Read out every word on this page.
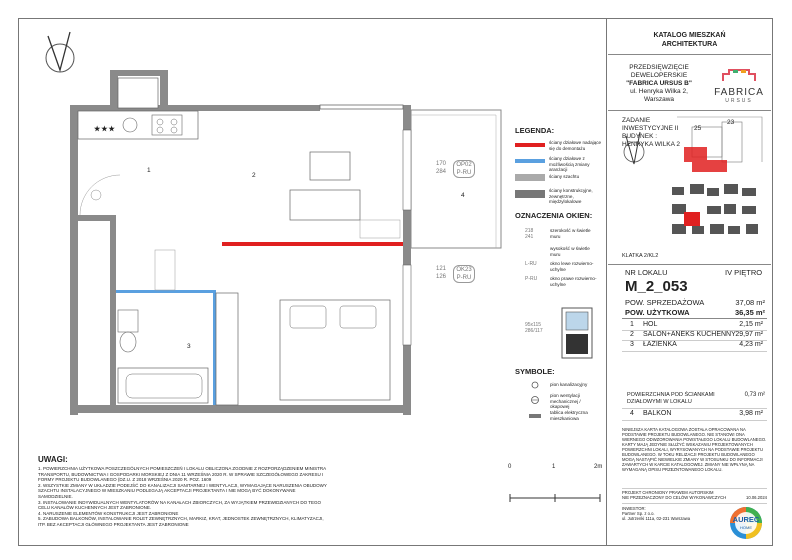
★★★
1
2
3
4
170
284
OP02
P-RU
121
126
OK23
P-RU
LEGENDA:
ściany działowe nadające się do demontażu
ściany działowe z możliwością zmiany aranżacji
ściany szachtu
ściany konstrukcyjne, zewnętrzne, międzylokalowe
OZNACZENIA OKIEN:
218
241
szerokość w świetle muru
wysokość w świetle muru
L-RU	okno lewe rozwierno-uchylne
P-RU	okno prawe rozwierno-uchylne
95x115
286/117
SYMBOLE:
pion kanalizacyjny
pion wentylacji mechanicznej / okapowej
tablica elektryczna mieszkaniowa
KATALOG MIESZKAŃ
ARCHITEKTURA
PRZEDSIĘWZIĘCIE
DEWELOPERSKIE
"FABRICA URSUS B"
ul. Henryka Wilka 2,
Warszawa
FABRICA
URSUS
ZADANIE
INWESTYCYJNE II
BUDYNEK :
HENRYKA WILKA 2
25
23
KLATKA 2/KL2
NR LOKALU	IV PIĘTRO
M_2_053
POW. SPRZEDAŻOWA	37,08 m²
POW. UŻYTKOWA	36,35 m²
1 HOL	2,15 m²
2 SALON+ANEKS KUCHENNY 29,97 m²
3 ŁAZIENKA	4,23 m²
POWIERZCHNIA POD ŚCIANKAMI DZIAŁOWYMI W LOKALU
0,73 m²
4 BALKON	3,98 m²
NINIEJSZA KARTA KATALOGOWA ZOSTAŁA OPRACOWANA NA PODSTAWIE PROJEKTU BUDOWLANEGO. NIE STANOWI ONA WIERNEGO ODWZOROWANIA POWSTAŁEGO LOKALU BUDOWLANEGO. KARTY MAJĄ JEDYNIE SŁUŻYĆ WSKAZANIU PROJEKTOWANYCH POWIERZCHNI LOKALI, WYRYSOWANYCH NA PODSTAWIE PROJEKTU BUDOWLANEGO. W TOKU RELIZACJI PROJEKTU BUDOWLANEGO MOGĄ NASTĄPIĆ NIEWIELKIE ZMIANY W STOSUNKU DO INFORMACJI ZAWARTYCH W KARCIE KATALOGOWEJ. ZMIANY NIE WPŁYNĄ NA WYMAGANĄ OPISU PRZEZNTOWANEGO LOKALU.
PROJEKT CHRONIONY PRAWEM AUTORSKIM
NIE PRZEZNACZONY DO CELÓW WYKONAWCZYCH	10.06.2024
INWESTOR:
Partner Sp. z o.o.
ul. Jutrzenki 111a, 02-231 Warszawa	AUREC
HOME
UWAGI:
1. POWIERZCHNIA UŻYTKOWA POSZCZEGÓLNYCH POMIESZCZEŃ I LOKALU OBLICZONA ZGODNIE Z ROZPORZĄDZENIEM MINISTRA TRANSPORTU, BUDOWNICTWA I GOSPODARKI MORSKIEJ Z DNIA 11 WRZEŚNIA 2020 R. W SPRAWIE SZCZEGÓŁOWEGO ZAKRESU I FORMY PROJEKTU BUDOWLANEGO (DZ.U. Z 2018 WRZEŚNIA 2020 R. POZ. 1609
2. WSZYSTKIE ZMIANY W UKŁADZIE PODEJŚĆ DO KANALIZACJI SANITARNEJ I WENTYLACJI, WYMAGAJĄCE NARUSZENIA OBUDOWY SZACHTU INSTALACYJNEGO W MIESZKANIU PODLEGAJĄ AKCEPTACJI PROJEKTANTA I NIE MOGĄ BYĆ DOKONYWANE SAMODZIELNIE.
3. INSTALOWANIE INDYWIDUALNYCH WENTYLATORÓW NA KANAŁACH ZBIORCZYCH, ZA WYJĄTKIEM PRZEWIDZIANYCH DO TEGO CELU KANAŁÓW KUCHENNYCH JEST ZABRONIONE.
4. NARUSZENIE ELEMENTÓW KONSTRUKCJI JEST ZABRONIONE
5. ZABUDOWA BALKONÓW, INSTALOWANIE ROLET ZEWNĘTRZNYCH, MARKIZ, KRAT, JEDNOSTEK ZEWNĘTRZNYCH, KLIMATYZACJI, ITP. BEZ AKCEPTACJI GŁÓWNEGO PROJEKTANTA JEST ZABRONIONE
0	1	2m
